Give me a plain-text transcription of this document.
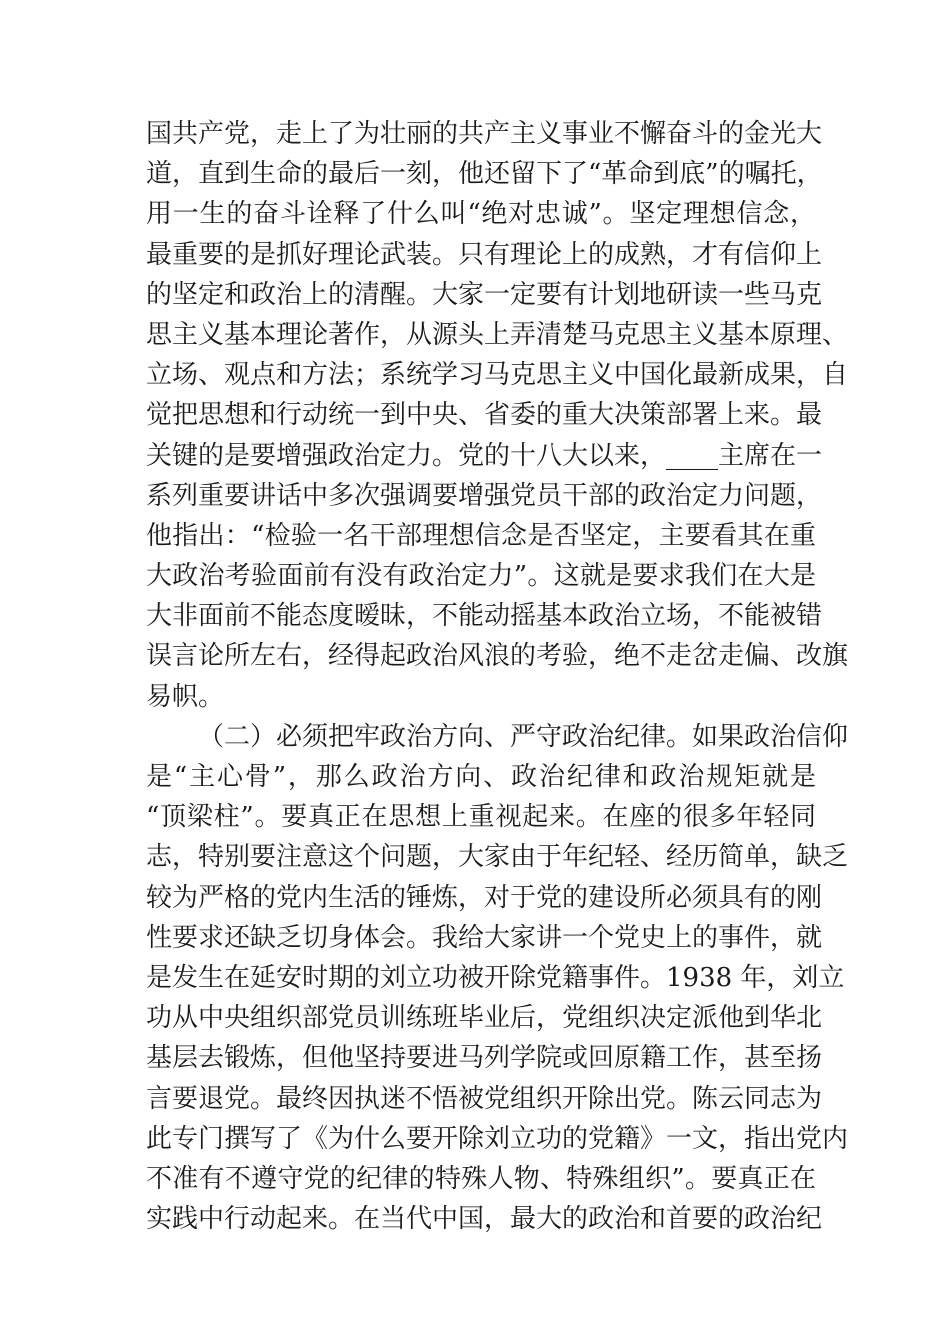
国共产党，走上了为壮丽的共产主义事业不懈奋斗的金光大
道，直到生命的最后一刻，他还留下了“革命到底”的嘱托，
用一生的奋斗诠释了什么叫“绝对忠诚”。坚定理想信念，
最重要的是抓好理论武装。只有理论上的成熟，才有信仰上
的坚定和政治上的清醒。大家一定要有计划地研读一些马克
思主义基本理论著作，从源头上弄清楚马克思主义基本原理、
立场、观点和方法；系统学习马克思主义中国化最新成果，自
觉把思想和行动统一到中央、省委的重大决策部署上来。最
关键的是要增强政治定力。党的十八大以来，____主席在一
系列重要讲话中多次强调要增强党员干部的政治定力问题，
他指出：“检验一名干部理想信念是否坚定，主要看其在重
大政治考验面前有没有政治定力”。这就是要求我们在大是
大非面前不能态度暧昧，不能动摇基本政治立场，不能被错
误言论所左右，经得起政治风浪的考验，绝不走岔走偏、改旗
易帜。
（二）必须把牢政治方向、严守政治纪律。如果政治信仰
是“主心骨”，那么政治方向、政治纪律和政治规矩就是
“顶梁柱”。要真正在思想上重视起来。在座的很多年轻同
志，特别要注意这个问题，大家由于年纪轻、经历简单，缺乏
较为严格的党内生活的锤炼，对于党的建设所必须具有的刚
性要求还缺乏切身体会。我给大家讲一个党史上的事件，就
是发生在延安时期的刘立功被开除党籍事件。1938 年，刘立
功从中央组织部党员训练班毕业后，党组织决定派他到华北
基层去锻炼，但他坚持要进马列学院或回原籍工作，甚至扬
言要退党。最终因执迷不悟被党组织开除出党。陈云同志为
此专门撰写了《为什么要开除刘立功的党籍》一文，指出党内
不准有不遵守党的纪律的特殊人物、特殊组织”。要真正在
实践中行动起来。在当代中国，最大的政治和首要的政治纪
